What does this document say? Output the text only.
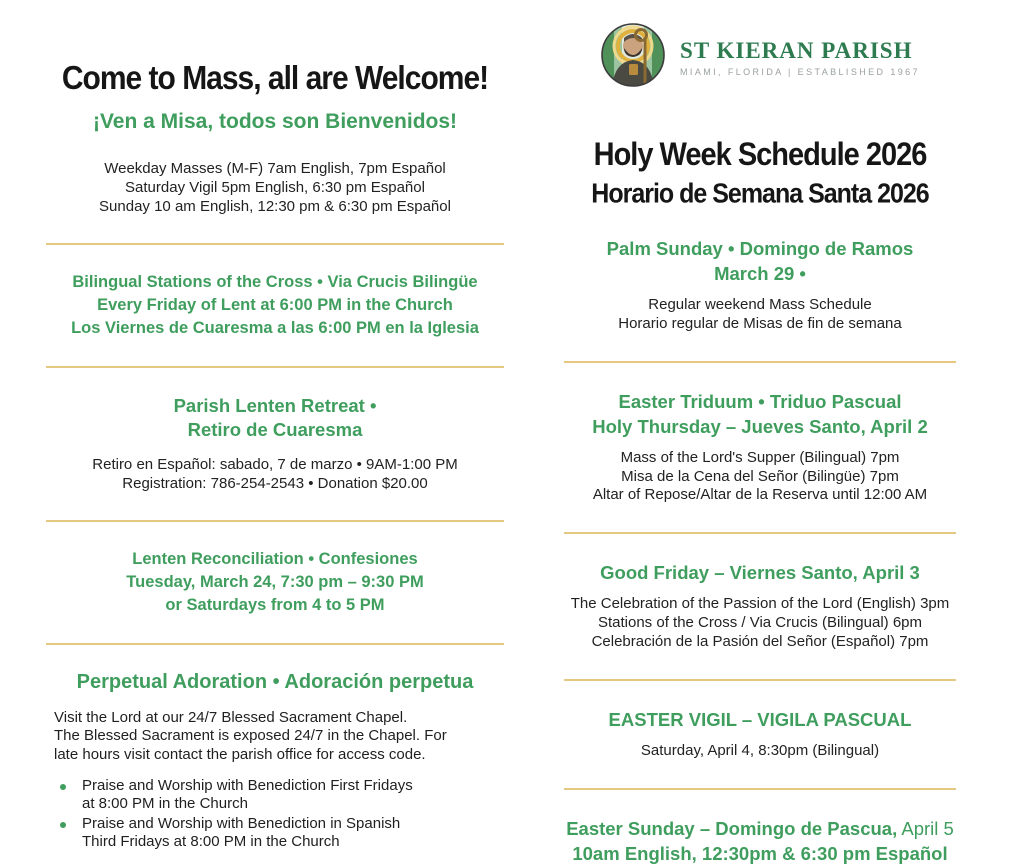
Come to Mass, all are Welcome!
¡Ven a Misa, todos son Bienvenidos!
Weekday Masses (M-F) 7am English, 7pm Español
Saturday Vigil 5pm English, 6:30 pm Español
Sunday 10 am English, 12:30 pm & 6:30 pm Español
Bilingual Stations of the Cross • Via Crucis Bilingüe
Every Friday of Lent at 6:00 PM in the Church
Los Viernes de Cuaresma a las 6:00 PM en la Iglesia
Parish Lenten Retreat •
Retiro de Cuaresma
Retiro en Español: sabado, 7 de marzo • 9AM-1:00 PM
Registration: 786-254-2543 • Donation $20.00
Lenten Reconciliation • Confesiones
Tuesday, March 24, 7:30 pm – 9:30 PM
or Saturdays from 4 to 5 PM
Perpetual Adoration • Adoración perpetua
Visit the Lord at our 24/7 Blessed Sacrament Chapel.
The Blessed Sacrament is exposed 24/7 in the Chapel. For
late hours visit contact the parish office for access code.
Praise and Worship with Benediction First Fridays
at 8:00 PM in the Church
Praise and Worship with Benediction in Spanish
Third Fridays at 8:00 PM in the Church
ST KIERAN PARISH
MIAMI, FLORIDA | ESTABLISHED 1967
Holy Week Schedule 2026
Horario de Semana Santa 2026
Palm Sunday • Domingo de Ramos
March 29 •
Regular weekend Mass Schedule
Horario regular de Misas de fin de semana
Easter Triduum • Triduo Pascual
Holy Thursday – Jueves Santo, April 2
Mass of the Lord's Supper (Bilingual) 7pm
Misa de la Cena del Señor (Bilingüe) 7pm
Altar of Repose/Altar de la Reserva until 12:00 AM
Good Friday – Viernes Santo, April 3
The Celebration of the Passion of the Lord (English) 3pm
Stations of the Cross / Via Crucis (Bilingual) 6pm
Celebración de la Pasión del Señor (Español) 7pm
EASTER VIGIL – VIGILA PASCUAL
Saturday, April 4, 8:30pm (Bilingual)
Easter Sunday – Domingo de Pascua, April 5
10am English, 12:30pm & 6:30 pm Español
